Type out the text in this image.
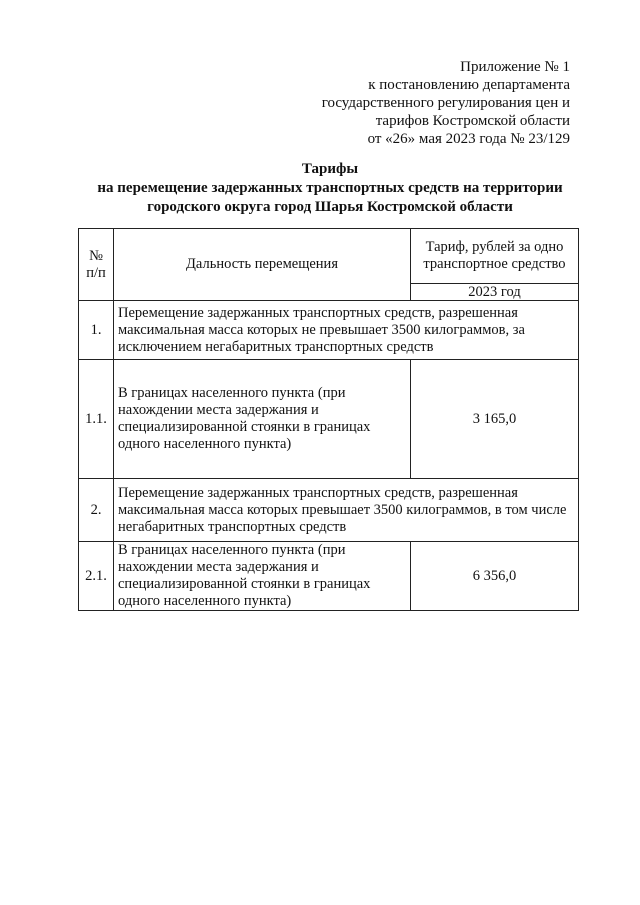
Приложение № 1
к постановлению департамента
государственного регулирования цен и
тарифов Костромской области
от «26» мая 2023 года № 23/129
Тарифы
на перемещение задержанных транспортных средств на территории
городского округа город Шарья Костромской области
№ п/п	Дальность перемещения	Тариф, рублей за одно транспортное средство
		2023 год
1.	Перемещение задержанных транспортных средств, разрешенная максимальная масса которых не превышает 3500 килограммов, за исключением негабаритных транспортных средств	
1.1.	В границах населенного пункта (при нахождении места задержания и специализированной стоянки в границах одного населенного пункта)	3 165,0
2.	Перемещение задержанных транспортных средств, разрешенная максимальная масса которых превышает 3500 килограммов, в том числе негабаритных транспортных средств	
2.1.	В границах населенного пункта (при нахождении места задержания и специализированной стоянки в границах одного населенного пункта)	6 356,0
